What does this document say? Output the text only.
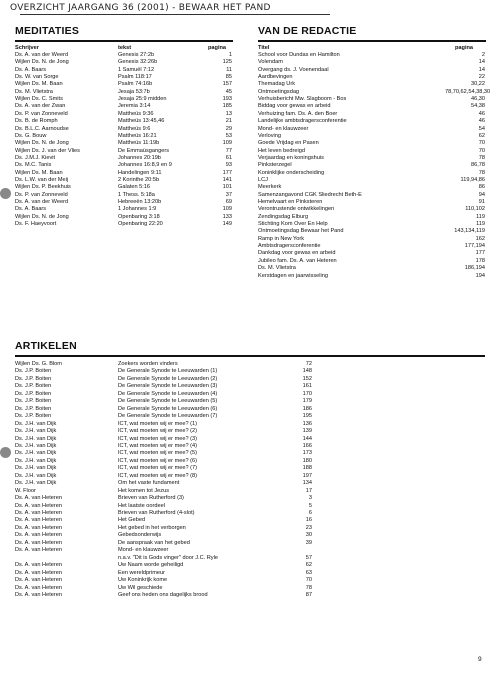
OVERZICHT JAARGANG 36 (2001) - BEWAAR HET PAND
MEDITATIES
Schrijver	tekst	pagina
Ds. A. van der Weerd	Genesis 27:2b	1
Wijlen Ds. N. de Jong	Genesis 32:26b	125
Ds. A. Baars	1 Samuël 7:12	11
Ds. W. van Sorge	Psalm 118:17	85
Wijlen Ds. M. Baan	Psalm 74:16b	157
Ds. M. Vlietstra	Jesaja 53:7b	45
Wijlen Ds. C. Smits	Jesaja 25:9 midden	193
Ds. A. van der Zwan	Jeremia 3:14	185
Ds. P. van Zonneveld	Mattheüs 9:36	13
Ds. B. de Romph	Mattheüs 13:45,46	21
Ds. B.L.C. Aarnoudse	Mattheüs 9:6	29
Ds. G. Bouw	Mattheüs 16:21	53
Wijlen Ds. N. de Jong	Mattheüs 11:19b	109
Wijlen Ds. J. van der Vlies	De Emmaüsgangers	77
Ds. J.M.J. Kievit	Johannes 20:19b	61
Ds. M.C. Tanis	Johannes 16:8,9 en 9	93
Wijlen Ds. M. Baan	Handelingen 9:11	177
Ds. L.W. van der Meij	2 Korinthe 20:5b	141
Wijlen Ds. P. Beekhuis	Galaten 5:16	101
Ds. P. van Zonneveld	1 Thess. 5:18a	37
Ds. A. van der Weerd	Hebreeën 13:20b	69
Ds. A. Baars	1 Johannes 1:9	109
Wijlen Ds. N. de Jong	Openbaring 3:18	133
Ds. F. Haeyvoort	Openbaring 22:20	149
VAN DE REDACTIE
Titel	pagina
School voor Dundas en Hamilton	2
Volendam	14
Overgang ds. J. Voenendaal	14
Aardbevingen	22
Themadag Urk	30,22
Ontmoetingsdag	78,70,62,54,38,30
Verhuisbericht Mw. Slagboom - Bos	46,30
Biddag voor gewas en arbeid	54,38
Verhuizing fam. Ds. A. den Boer	46
Landelijke ambtsdragersconferentie	46
Mond- en klauwzeer	54
Verloving	62
Goede Vrijdag en Pasen	70
Het leven bedreigd	70
Verjaardag en koningshuis	78
Pinksterzegel	86,78
Koninklijke onderscheiding	78
LCJ	119,94,86
Meerkerk	86
Samenzangavond CGK Sliedrecht Beth-E	94
Hemelvaart en Pinksteren	91
Verontrustende ontwikkelingen	110,102
Zendingsdag Elburg	119
Stichting Kom Over En Help	119
Ontmoetingsdag Bewaar het Pand	143,134,119
Ramp in New York	162
Ambtsdragersconferentie	177,194
Dankdag voor gewas en arbeid	177
Jubileo fam. Ds. A. van Heteren	178
Ds. M. Vlietstra	186,194
Kerstdagen en jaarwisseling	194
ARTIKELEN
Wijlen Ds. G. Blom	Zoekers worden vinders	72
Ds. J.P. Boiten	De Generale Synode te Leeuwarden (1)	148
Ds. J.P. Boiten	De Generale Synode te Leeuwarden (2)	152
Ds. J.P. Boiten	De Generale Synode te Leeuwarden (3)	161
Ds. J.P. Boiten	De Generale Synode te Leeuwarden (4)	170
Ds. J.P. Boiten	De Generale Synode te Leeuwarden (5)	179
Ds. J.P. Boiten	De Generale Synode te Leeuwarden (6)	186
Ds. J.P. Boiten	De Generale Synode te Leeuwarden (7)	195
Ds. J.H. van Dijk	ICT, wat moeten wij er mee? (1)	136
Ds. J.H. van Dijk	ICT, wat moeten wij er mee? (2)	139
Ds. J.H. van Dijk	ICT, wat moeten wij er mee? (3)	144
Ds. J.H. van Dijk	ICT, wat moeten wij er mee? (4)	166
Ds. J.H. van Dijk	ICT, wat moeten wij er mee? (5)	173
Ds. J.H. van Dijk	ICT, wat moeten wij er mee? (6)	180
Ds. J.H. van Dijk	ICT, wat moeten wij er mee? (7)	188
Ds. J.H. van Dijk	ICT, wat moeten wij er mee? (8)	197
Ds. J.H. van Dijk	Om het vaste fundament	134
W. Floor	Het komen tot Jezus	17
Ds. A. van Heteren	Brieven van Rutherford (3)	3
Ds. A. van Heteren	Het laatste oordeel	5
Ds. A. van Heteren	Brieven van Rutherford (4-slot)	6
Ds. A. van Heteren	Het Gebed	16
Ds. A. van Heteren	Het gebed in het verborgen	23
Ds. A. van Heteren	Gebedsonderwijs	30
Ds. A. van Heteren	De aanspraak van het gebed	39
Ds. A. van Heteren	Mond- en klauwzeer
n.a.v. "Dit is Gods vinger" door J.C. Ryle	57
Ds. A. van Heteren	Uw Naam worde geheiligd	62
Ds. A. van Heteren	Een wereldprimeur	63
Ds. A. van Heteren	Uw Koninkrijk kome	70
Ds. A. van Heteren	Uw Wil geschiede	78
Ds. A. van Heteren	Geef ons heden ons dagelijks brood	87
9
